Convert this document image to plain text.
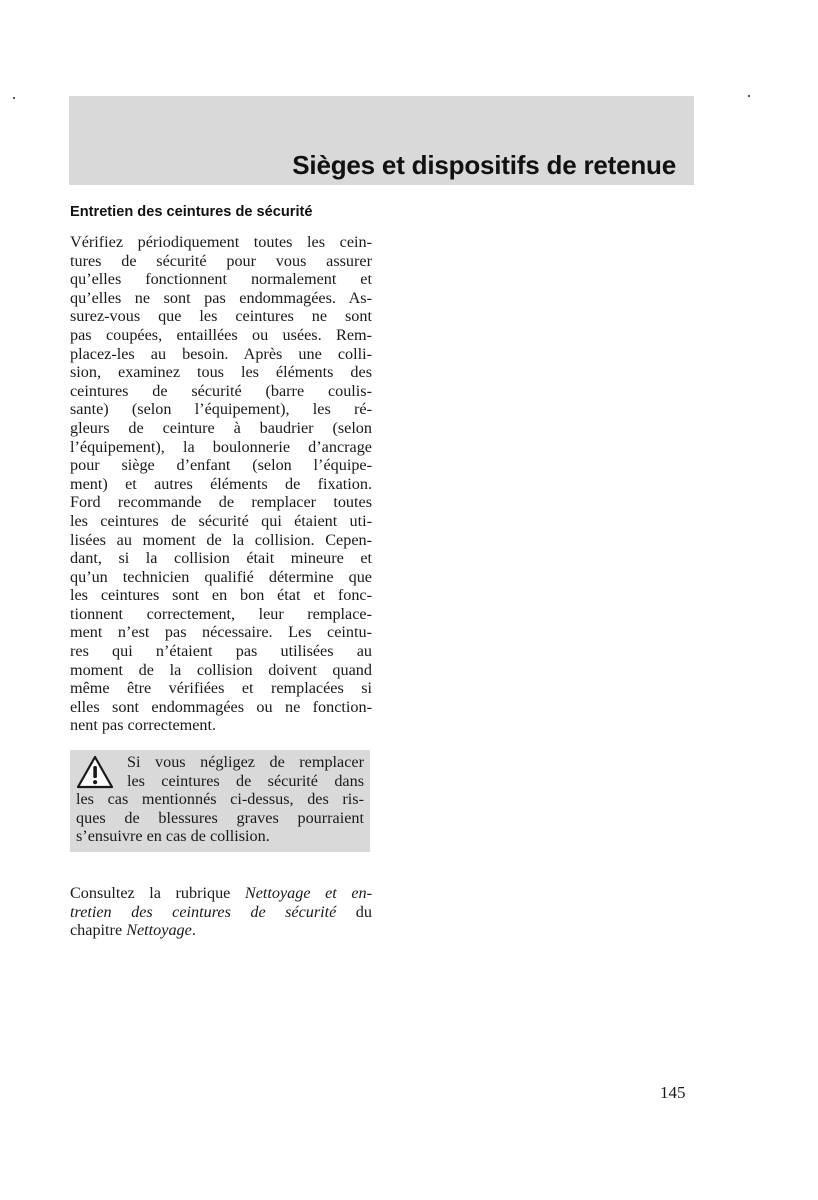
Sièges et dispositifs de retenue
Entretien des ceintures de sécurité

Vérifiez périodiquement toutes les cein-
tures de sécurité pour vous assurer
qu’elles fonctionnent normalement et
qu’elles ne sont pas endommagées. As-
surez-vous que les ceintures ne sont
pas coupées, entaillées ou usées. Rem-
placez-les au besoin. Après une colli-
sion, examinez tous les éléments des
ceintures de sécurité (barre coulis-
sante) (selon l’équipement), les ré-
gleurs de ceinture à baudrier (selon
l’équipement), la boulonnerie d’ancrage
pour siège d’enfant (selon l’équipe-
ment) et autres éléments de fixation.
Ford recommande de remplacer toutes
les ceintures de sécurité qui étaient uti-
lisées au moment de la collision. Cepen-
dant, si la collision était mineure et
qu’un technicien qualifié détermine que
les ceintures sont en bon état et fonc-
tionnent correctement, leur remplace-
ment n’est pas nécessaire. Les ceintu-
res qui n’étaient pas utilisées au
moment de la collision doivent quand
même être vérifiées et remplacées si
elles sont endommagées ou ne fonction-
nent pas correctement.

Si vous négligez de remplacer
les ceintures de sécurité dans
les cas mentionnés ci-dessus, des ris-
ques de blessures graves pourraient
s’ensuivre en cas de collision.

Consultez la rubrique Nettoyage et en-
tretien des ceintures de sécurité du
chapitre Nettoyage.

145
